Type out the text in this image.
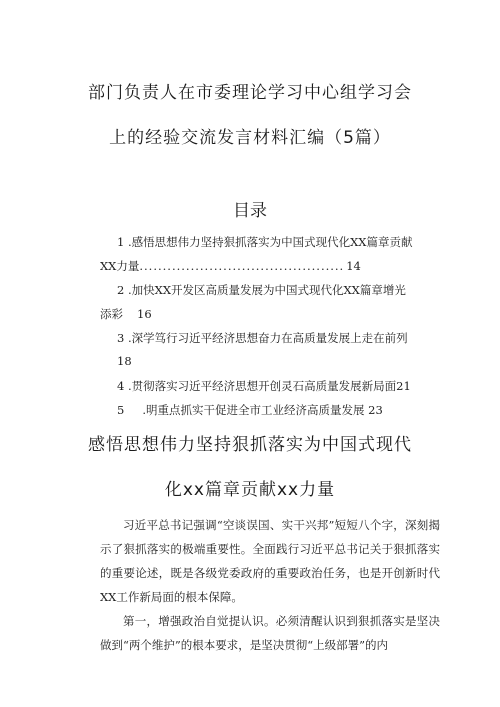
部门负责人在市委理论学习中心组学习会
上的经验交流发言材料汇编（5篇）
目录
1 .感悟思想伟力坚持狠抓落实为中国式现代化XX篇章贡献
XX力量............................................ 14
2 .加快XX开发区高质量发展为中国式现代化XX篇章增光
添彩 16
3 .深学笃行习近平经济思想奋力在高质量发展上走在前列
18
4 .贯彻落实习近平经济思想开创灵石高质量发展新局面21
5 .明重点抓实干促进全市工业经济高质量发展 23
感悟思想伟力坚持狠抓落实为中国式现代
化xx篇章贡献xx力量
习近平总书记强调“空谈误国、实干兴邦”短短八个字，深刻揭示了狠抓落实的极端重要性。全面践行习近平总书记关于狠抓落实的重要论述，既是各级党委政府的重要政治任务，也是开创新时代XX工作新局面的根本保障。
第一，增强政治自觉提认识。必须清醒认识到狠抓落实是坚决做到“两个维护”的根本要求，是坚决贯彻“上级部署”的内
